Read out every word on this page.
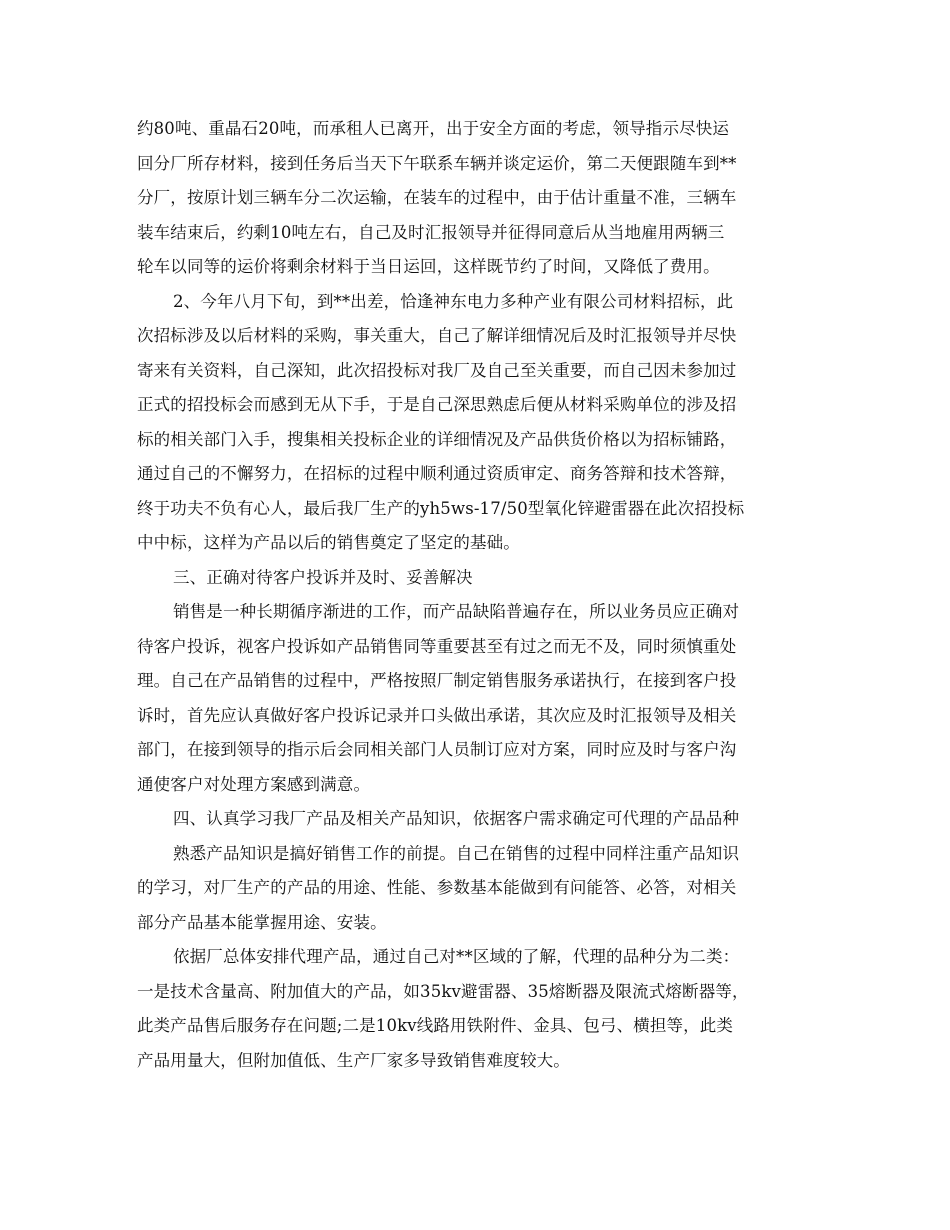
约80吨、重晶石20吨，而承租人已离开，出于安全方面的考虑，领导指示尽快运
回分厂所存材料，接到任务后当天下午联系车辆并谈定运价，第二天便跟随车到**
分厂，按原计划三辆车分二次运输，在装车的过程中，由于估计重量不准，三辆车
装车结束后，约剩10吨左右，自己及时汇报领导并征得同意后从当地雇用两辆三
轮车以同等的运价将剩余材料于当日运回，这样既节约了时间，又降低了费用。
2、今年八月下旬，到**出差，恰逢神东电力多种产业有限公司材料招标，此
次招标涉及以后材料的采购，事关重大，自己了解详细情况后及时汇报领导并尽快
寄来有关资料，自己深知，此次招投标对我厂及自己至关重要，而自己因未参加过
正式的招投标会而感到无从下手，于是自己深思熟虑后便从材料采购单位的涉及招
标的相关部门入手，搜集相关投标企业的详细情况及产品供货价格以为招标铺路，
通过自己的不懈努力，在招标的过程中顺利通过资质审定、商务答辩和技术答辩，
终于功夫不负有心人，最后我厂生产的yh5ws-17/50型氧化锌避雷器在此次招投标
中中标，这样为产品以后的销售奠定了坚定的基础。
三、正确对待客户投诉并及时、妥善解决
销售是一种长期循序渐进的工作，而产品缺陷普遍存在，所以业务员应正确对
待客户投诉，视客户投诉如产品销售同等重要甚至有过之而无不及，同时须慎重处
理。自己在产品销售的过程中，严格按照厂制定销售服务承诺执行，在接到客户投
诉时，首先应认真做好客户投诉记录并口头做出承诺，其次应及时汇报领导及相关
部门，在接到领导的指示后会同相关部门人员制订应对方案，同时应及时与客户沟
通使客户对处理方案感到满意。
四、认真学习我厂产品及相关产品知识，依据客户需求确定可代理的产品品种
熟悉产品知识是搞好销售工作的前提。自己在销售的过程中同样注重产品知识
的学习，对厂生产的产品的用途、性能、参数基本能做到有问能答、必答，对相关
部分产品基本能掌握用途、安装。
依据厂总体安排代理产品，通过自己对**区域的了解，代理的品种分为二类：
一是技术含量高、附加值大的产品，如35kv避雷器、35熔断器及限流式熔断器等，
此类产品售后服务存在问题;二是10kv线路用铁附件、金具、包弓、横担等，此类
产品用量大，但附加值低、生产厂家多导致销售难度较大。
